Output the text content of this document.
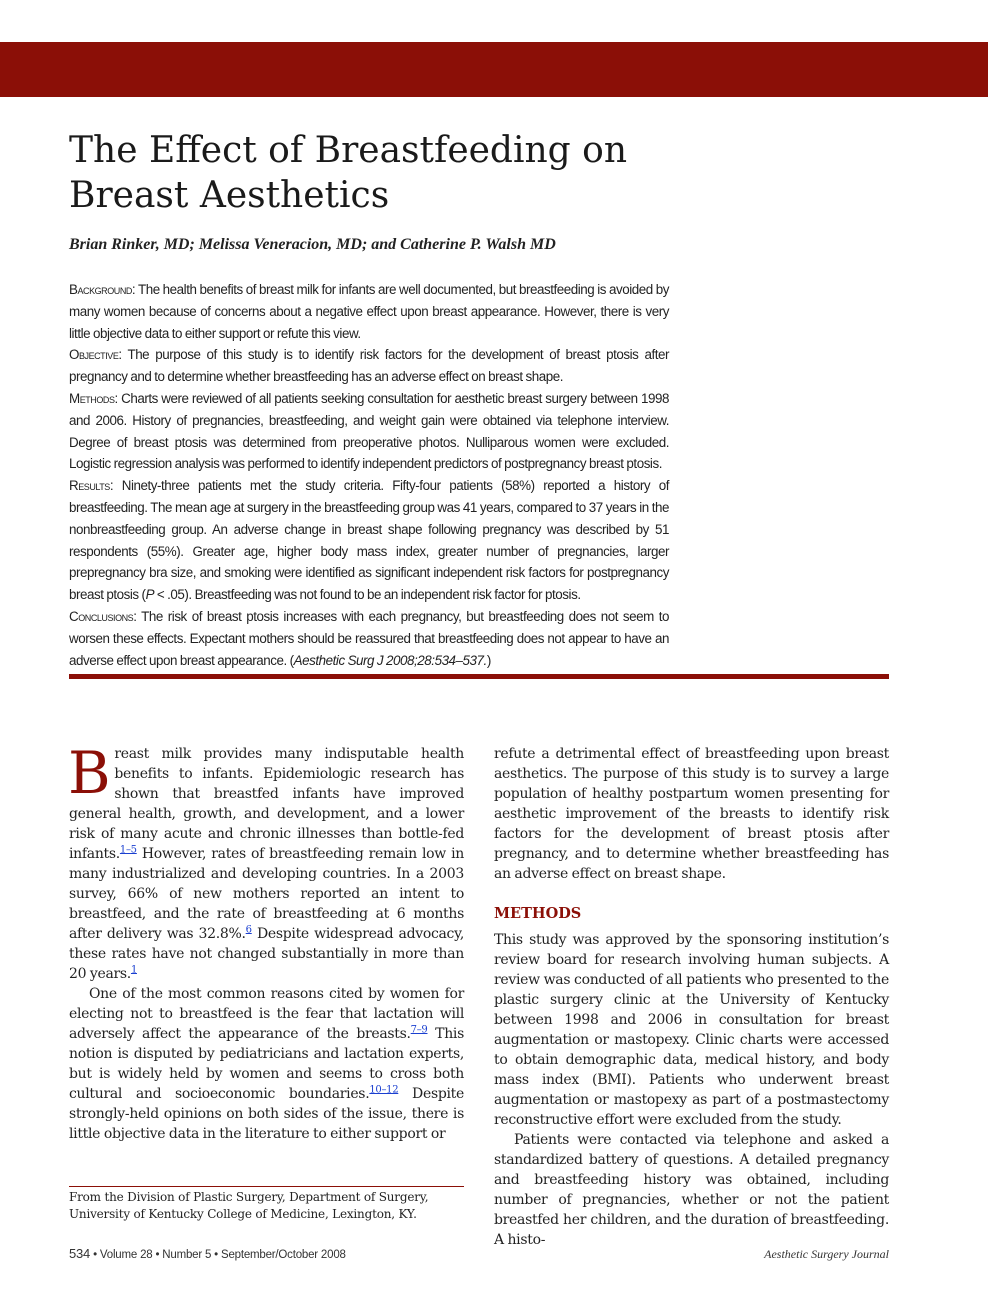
The Effect of Breastfeeding on
Breast Aesthetics
Brian Rinker, MD; Melissa Veneracion, MD; and Catherine P. Walsh MD

Background: The health benefits of breast milk for infants are well documented, but breastfeeding is avoided by many women because of concerns about a negative effect upon breast appearance. However, there is very little objective data to either support or refute this view.

Objective: The purpose of this study is to identify risk factors for the development of breast ptosis after pregnancy and to determine whether breastfeeding has an adverse effect on breast shape.

Methods: Charts were reviewed of all patients seeking consultation for aesthetic breast surgery between 1998 and 2006. History of pregnancies, breastfeeding, and weight gain were obtained via telephone interview. Degree of breast ptosis was determined from preoperative photos. Nulliparous women were excluded. Logistic regression analysis was performed to identify independent predictors of postpregnancy breast ptosis.

Results: Ninety-three patients met the study criteria. Fifty-four patients (58%) reported a history of breastfeeding. The mean age at surgery in the breastfeeding group was 41 years, compared to 37 years in the nonbreastfeeding group. An adverse change in breast shape following pregnancy was described by 51 respondents (55%). Greater age, higher body mass index, greater number of pregnancies, larger prepregnancy bra size, and smoking were identified as significant independent risk factors for postpregnancy breast ptosis (P < .05). Breastfeeding was not found to be an independent risk factor for ptosis.

Conclusions: The risk of breast ptosis increases with each pregnancy, but breastfeeding does not seem to worsen these effects. Expectant mothers should be reassured that breastfeeding does not appear to have an adverse effect upon breast appearance. (Aesthetic Surg J 2008;28:534–537.)

Breast milk provides many indisputable health benefits to infants. Epidemiologic research has shown that breastfed infants have improved general health, growth, and development, and a lower risk of many acute and chronic illnesses than bottle-fed infants.$^{1-5}$ However, rates of breastfeeding remain low in many industrialized and developing countries. In a 2003 survey, 66% of new mothers reported an intent to breastfeed, and the rate of breastfeeding at 6 months after delivery was 32.8%.$^6$ Despite widespread advocacy, these rates have not changed substantially in more than 20 years.$^1$

One of the most common reasons cited by women for electing not to breastfeed is the fear that lactation will adversely affect the appearance of the breasts.$^{7-9}$ This notion is disputed by pediatricians and lactation experts, but is widely held by women and seems to cross both cultural and socioeconomic boundaries.$^{10-12}$ Despite strongly-held opinions on both sides of the issue, there is little objective data in the literature to either support or

refute a detrimental effect of breastfeeding upon breast aesthetics. The purpose of this study is to survey a large population of healthy postpartum women presenting for aesthetic improvement of the breasts to identify risk factors for the development of breast ptosis after pregnancy, and to determine whether breastfeeding has an adverse effect on breast shape.

METHODS

This study was approved by the sponsoring institution’s review board for research involving human subjects. A review was conducted of all patients who presented to the plastic surgery clinic at the University of Kentucky between 1998 and 2006 in consultation for breast augmentation or mastopexy. Clinic charts were accessed to obtain demographic data, medical history, and body mass index (BMI). Patients who underwent breast augmentation or mastopexy as part of a postmastectomy reconstructive effort were excluded from the study.

Patients were contacted via telephone and asked a standardized battery of questions. A detailed pregnancy and breastfeeding history was obtained, including number of pregnancies, whether or not the patient breastfed her children, and the duration of breastfeeding. A histo-

From the Division of Plastic Surgery, Department of Surgery, University of Kentucky College of Medicine, Lexington, KY.
534 • Volume 28 • Number 5 • September/October 2008	Aesthetic Surgery Journal
